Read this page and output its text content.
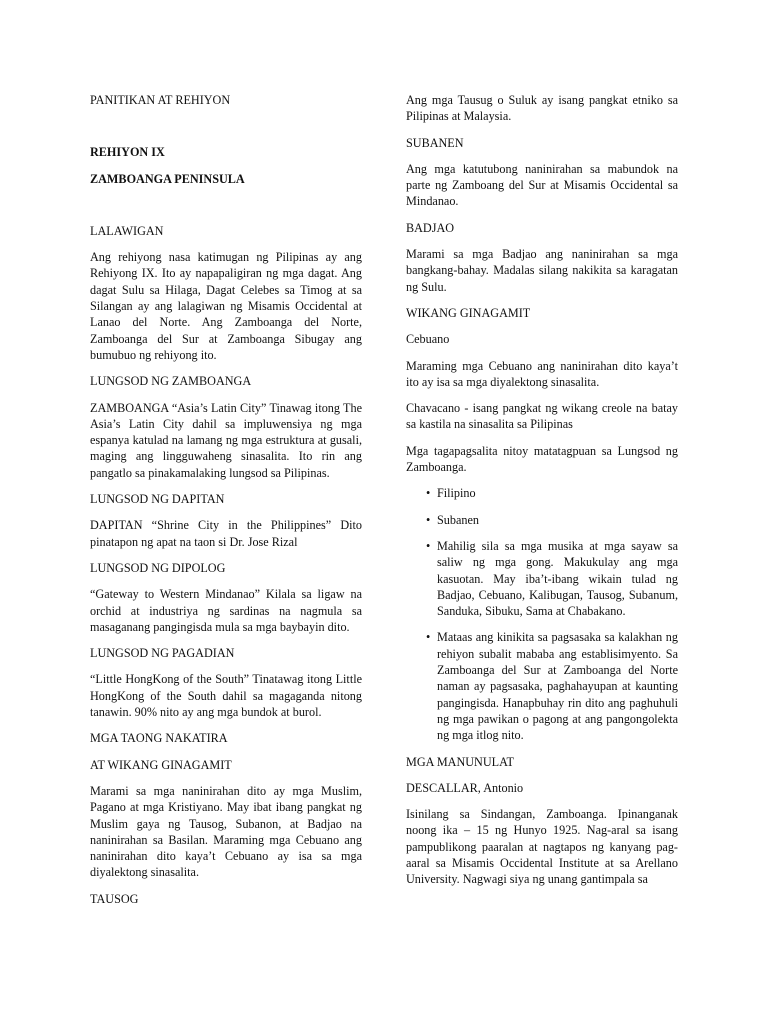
PANITIKAN AT REHIYON

REHIYON IX

ZAMBOANGA PENINSULA

LALAWIGAN

Ang rehiyong nasa katimugan ng Pilipinas ay ang Rehiyong IX. Ito ay napapaligiran ng mga dagat. Ang dagat Sulu sa Hilaga, Dagat Celebes sa Timog at sa Silangan ay ang lalagiwan ng Misamis Occidental at Lanao del Norte. Ang Zamboanga del Norte, Zamboanga del Sur at Zamboanga Sibugay ang bumubuo ng rehiyong ito.

LUNGSOD NG ZAMBOANGA

ZAMBOANGA “Asia’s Latin City” Tinawag itong The Asia’s Latin City dahil sa impluwensiya ng mga espanya katulad na lamang ng mga estruktura at gusali, maging ang lingguwaheng sinasalita. Ito rin ang pangatlo sa pinakamalaking lungsod sa Pilipinas.

LUNGSOD NG DAPITAN

DAPITAN “Shrine City in the Philippines” Dito pinatapon ng apat na taon si Dr. Jose Rizal

LUNGSOD NG DIPOLOG

“Gateway to Western Mindanao” Kilala sa ligaw na orchid at industriya ng sardinas na nagmula sa masaganang pangingisda mula sa mga baybayin dito.

LUNGSOD NG PAGADIAN

“Little HongKong of the South” Tinatawag itong Little HongKong of the South dahil sa magaganda nitong tanawin. 90% nito ay ang mga bundok at burol.

MGA TAONG NAKATIRA

AT WIKANG GINAGAMIT

Marami sa mga naninirahan dito ay mga Muslim, Pagano at mga Kristiyano. May ibat ibang pangkat ng Muslim gaya ng Tausog, Subanon, at Badjao na naninirahan sa Basilan. Maraming mga Cebuano ang naninirahan dito kaya’t Cebuano ay isa sa mga diyalektong sinasalita.

TAUSOG

Ang mga Tausug o Suluk ay isang pangkat etniko sa Pilipinas at Malaysia.

SUBANEN

Ang mga katutubong naninirahan sa mabundok na parte ng Zamboang del Sur at Misamis Occidental sa Mindanao.

BADJAO

Marami sa mga Badjao ang naninirahan sa mga bangkang-bahay. Madalas silang nakikita sa karagatan ng Sulu.

WIKANG GINAGAMIT

Cebuano

Maraming mga Cebuano ang naninirahan dito kaya’t ito ay isa sa mga diyalektong sinasalita.

Chavacano - isang pangkat ng wikang creole na batay sa kastila na sinasalita sa Pilipinas

Mga tagapagsalita nitoy matatagpuan sa Lungsod ng Zamboanga.

• Filipino
• Subanen
• Mahilig sila sa mga musika at mga sayaw sa saliw ng mga gong. Makukulay ang mga kasuotan. May iba’t-ibang wikain tulad ng Badjao, Cebuano, Kalibugan, Tausog, Subanum, Sanduka, Sibuku, Sama at Chabakano.
• Mataas ang kinikita sa pagsasaka sa kalakhan ng rehiyon subalit mababa ang establisimyento. Sa Zamboanga del Sur at Zamboanga del Norte naman ay pagsasaka, paghahayupan at kaunting pangingisda. Hanapbuhay rin dito ang paghuhuli ng mga pawikan o pagong at ang pangongolekta ng mga itlog nito.

MGA MANUNULAT

DESCALLAR, Antonio

Isinilang sa Sindangan, Zamboanga. Ipinanganak noong ika – 15 ng Hunyo 1925. Nag-aral sa isang pampublikong paaralan at nagtapos ng kanyang pag-aaral sa Misamis Occidental Institute at sa Arellano University. Nagwagi siya ng unang gantimpala sa
